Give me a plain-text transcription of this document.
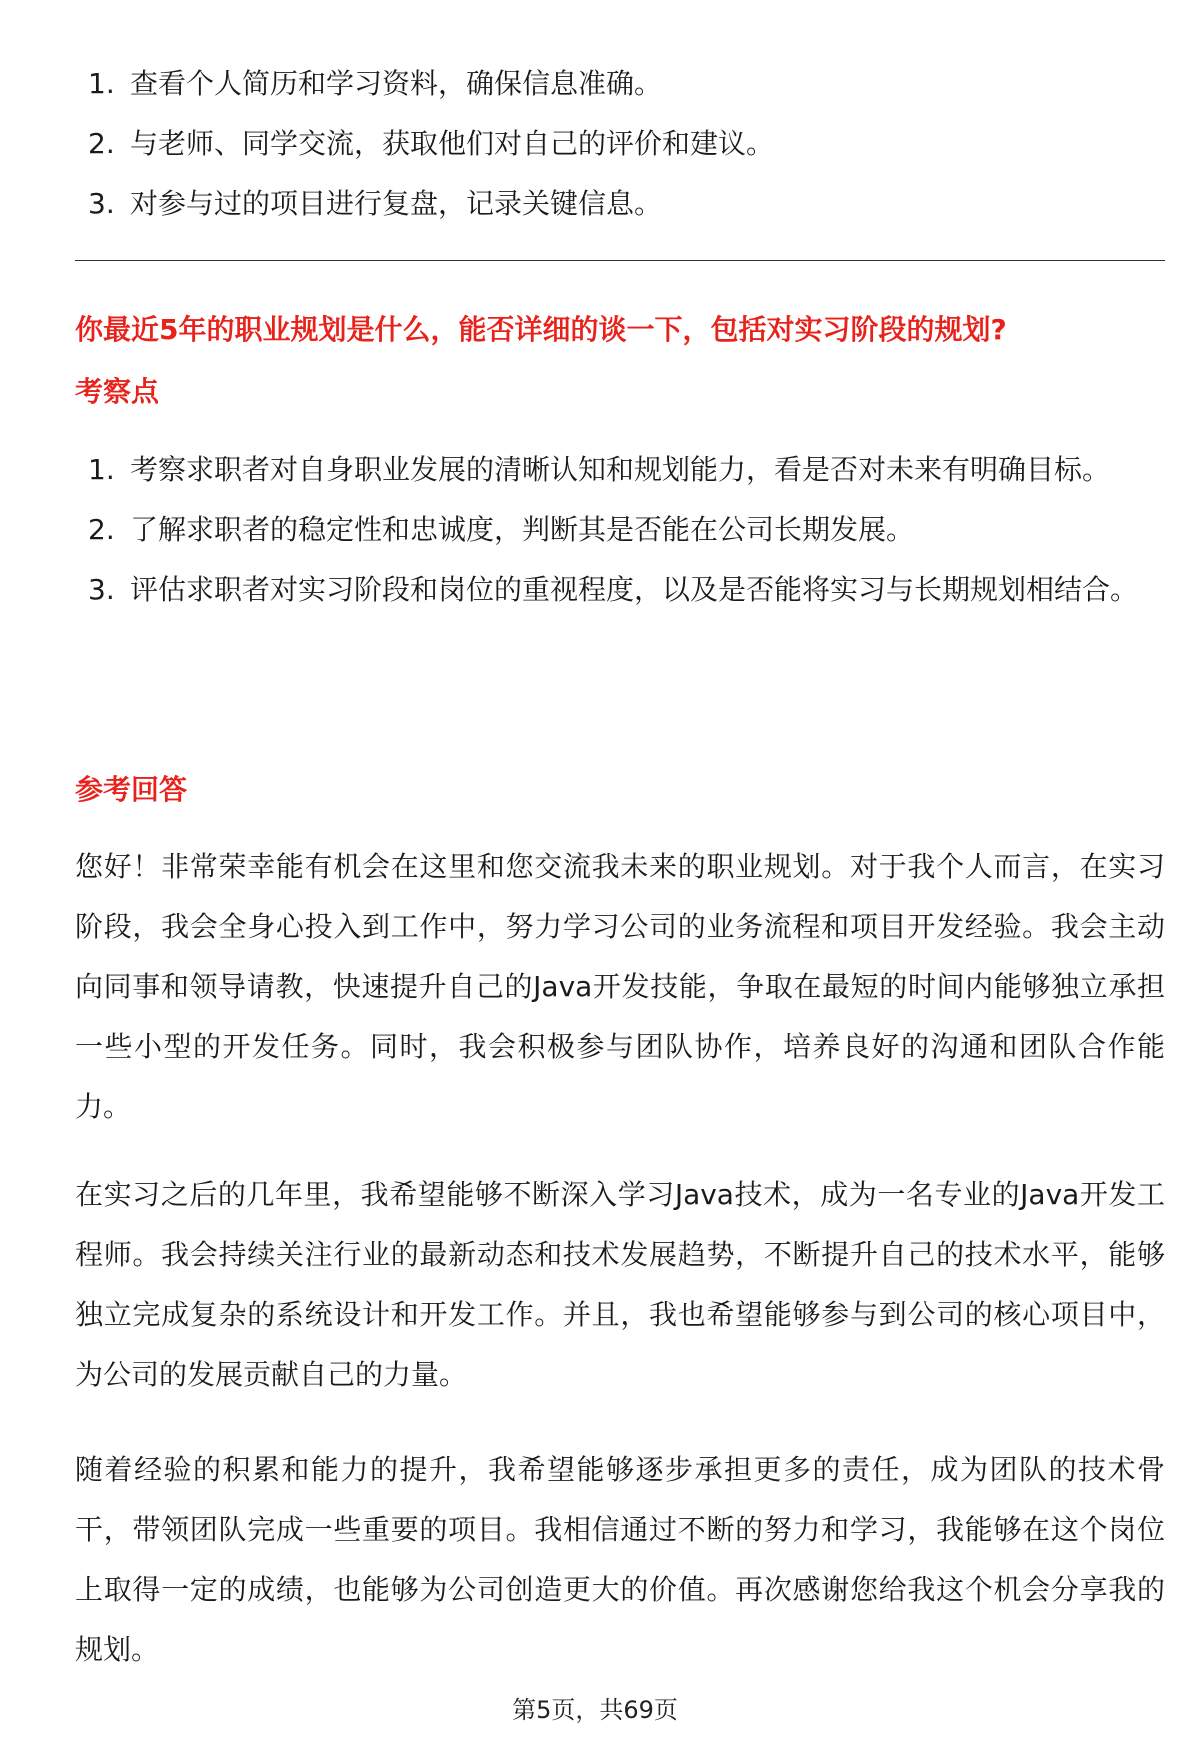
1. 查看个人简历和学习资料，确保信息准确。
2. 与老师、同学交流，获取他们对自己的评价和建议。
3. 对参与过的项目进行复盘，记录关键信息。
你最近5年的职业规划是什么，能否详细的谈一下，包括对实习阶段的规划?
考察点
1. 考察求职者对自身职业发展的清晰认知和规划能力，看是否对未来有明确目标。
2. 了解求职者的稳定性和忠诚度，判断其是否能在公司长期发展。
3. 评估求职者对实习阶段和岗位的重视程度，以及是否能将实习与长期规划相结合。
参考回答

您好！非常荣幸能有机会在这里和您交流我未来的职业规划。对于我个人而言，在实习阶段，我会全身心投入到工作中，努力学习公司的业务流程和项目开发经验。我会主动向同事和领导请教，快速提升自己的Java开发技能，争取在最短的时间内能够独立承担一些小型的开发任务。同时，我会积极参与团队协作，培养良好的沟通和团队合作能力。

在实习之后的几年里，我希望能够不断深入学习Java技术，成为一名专业的Java开发工程师。我会持续关注行业的最新动态和技术发展趋势，不断提升自己的技术水平，能够独立完成复杂的系统设计和开发工作。并且，我也希望能够参与到公司的核心项目中，为公司的发展贡献自己的力量。

随着经验的积累和能力的提升，我希望能够逐步承担更多的责任，成为团队的技术骨干，带领团队完成一些重要的项目。我相信通过不断的努力和学习，我能够在这个岗位上取得一定的成绩，也能够为公司创造更大的价值。再次感谢您给我这个机会分享我的规划。

第5页，共69页
